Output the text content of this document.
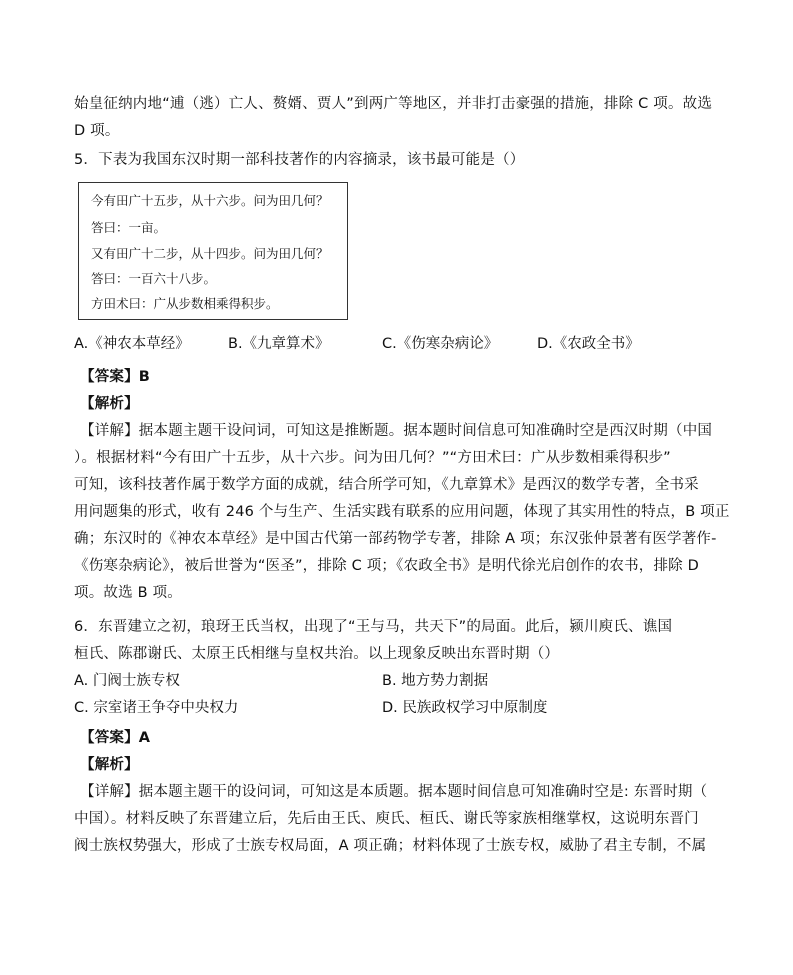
始皇征纳内地“逋（逃）亡人、赘婿、贾人”到两广等地区，并非打击豪强的措施，排除 C 项。故选
D 项。
5．下表为我国东汉时期一部科技著作的内容摘录，该书最可能是（）
今有田广十五步，从十六步。问为田几何？
答曰：一亩。
又有田广十二步，从十四步。问为田几何？
答曰：一百六十八步。
方田术曰：广从步数相乘得积步。
A.《神农本草经》	B.《九章算术》	C.《伤寒杂病论》	D.《农政全书》
【答案】B
【解析】
【详解】据本题主题干设问词，可知这是推断题。据本题时间信息可知准确时空是西汉时期（中国
）。根据材料“今有田广十五步，从十六步。问为田几何？”“方田术曰：广从步数相乘得积步”
可知，该科技著作属于数学方面的成就，结合所学可知，《九章算术》是西汉的数学专著，全书采
用问题集的形式，收有 246 个与生产、生活实践有联系的应用问题，体现了其实用性的特点，B 项正
确；东汉时的《神农本草经》是中国古代第一部药物学专著，排除 A 项；东汉张仲景著有医学著作-
《伤寒杂病论》，被后世誉为“医圣”，排除 C 项；《农政全书》是明代徐光启创作的农书，排除 D
项。故选 B 项。
6．东晋建立之初，琅玡王氏当权，出现了“王与马，共天下”的局面。此后，颍川庾氏、谯国
桓氏、陈郡谢氏、太原王氏相继与皇权共治。以上现象反映出东晋时期（）
A. 门阀士族专权	B. 地方势力割据
C. 宗室诸王争夺中央权力	D. 民族政权学习中原制度
【答案】A
【解析】
【详解】据本题主题干的设问词，可知这是本质题。据本题时间信息可知准确时空是: 东晋时期（
中国）。材料反映了东晋建立后，先后由王氏、庾氏、桓氏、谢氏等家族相继掌权，这说明东晋门
阀士族权势强大，形成了士族专权局面，A 项正确；材料体现了士族专权，威胁了君主专制，不属
